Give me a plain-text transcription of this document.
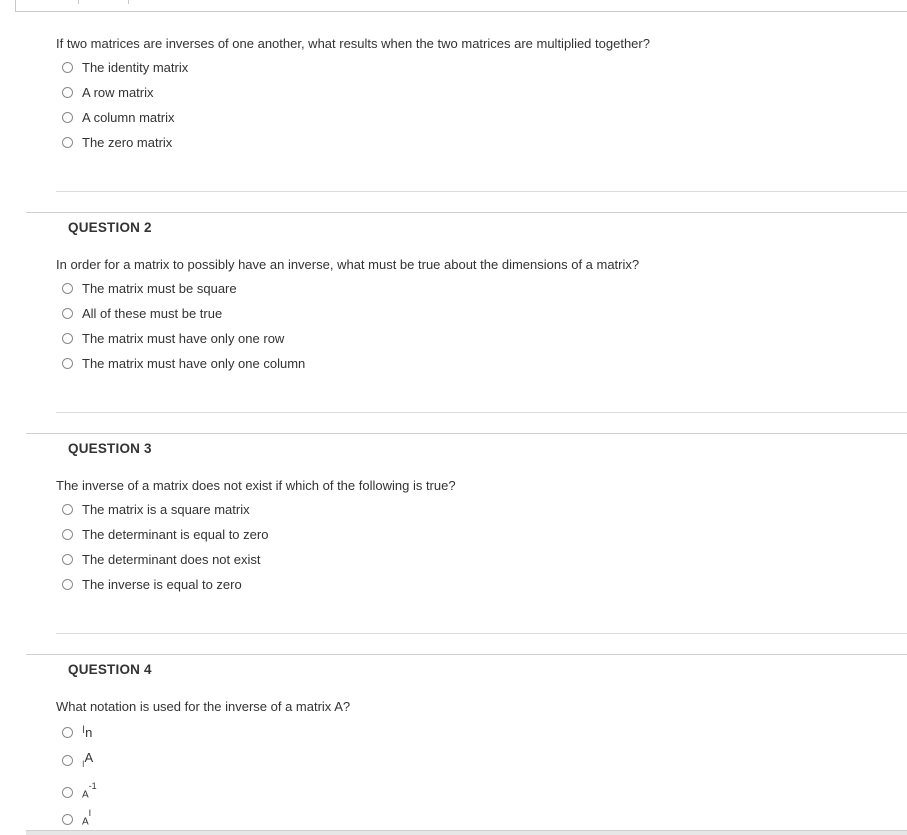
If two matrices are inverses of one another, what results when the two matrices are multiplied together?
The identity matrix
A row matrix
A column matrix
The zero matrix
QUESTION 2
In order for a matrix to possibly have an inverse, what must be true about the dimensions of a matrix?
The matrix must be square
All of these must be true
The matrix must have only one row
The matrix must have only one column
QUESTION 3
The inverse of a matrix does not exist if which of the following is true?
The matrix is a square matrix
The determinant is equal to zero
The determinant does not exist
The inverse is equal to zero
QUESTION 4
What notation is used for the inverse of a matrix A?
$^I$n
IA
$A^{-1}$
$A^I$
